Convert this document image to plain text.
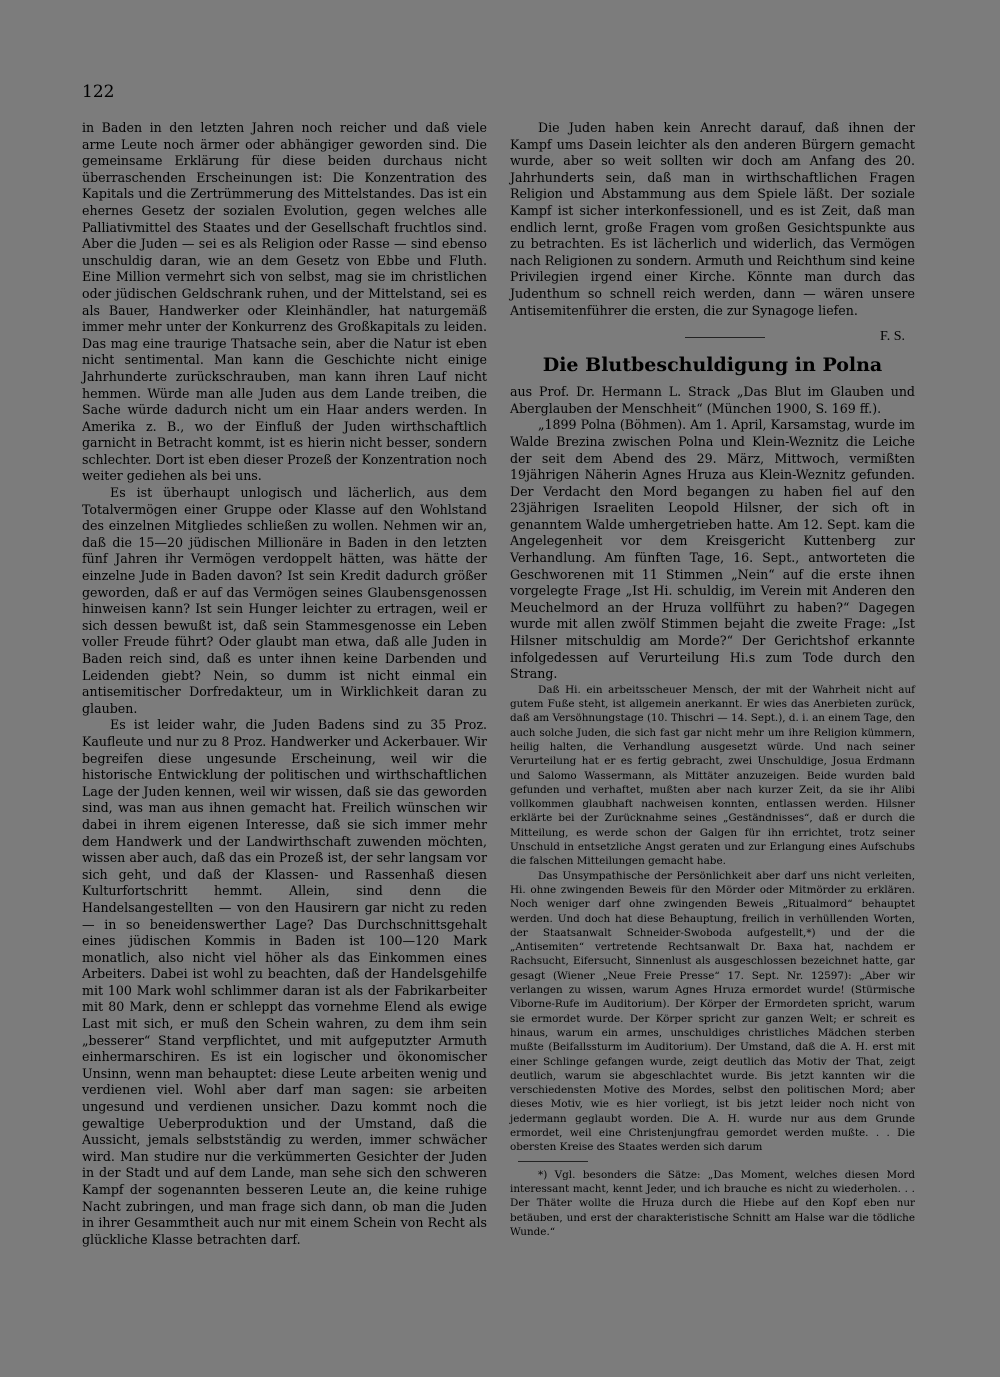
122

in Baden in den letzten Jahren noch reicher und daß viele arme Leute noch ärmer oder abhängiger geworden sind. Die gemeinsame Erklärung für diese beiden durchaus nicht überraschenden Erscheinungen ist: Die Konzentration des Kapitals und die Zertrümmerung des Mittelstandes. Das ist ein ehernes Gesetz der sozialen Evolution, gegen welches alle Palliativmittel des Staates und der Gesellschaft fruchtlos sind. Aber die Juden — sei es als Religion oder Rasse — sind ebenso unschuldig daran, wie an dem Gesetz von Ebbe und Fluth. Eine Million vermehrt sich von selbst, mag sie im christlichen oder jüdischen Geldschrank ruhen, und der Mittelstand, sei es als Bauer, Handwerker oder Kleinhändler, hat naturgemäß immer mehr unter der Konkurrenz des Großkapitals zu leiden. Das mag eine traurige Thatsache sein, aber die Natur ist eben nicht sentimental. Man kann die Geschichte nicht einige Jahrhunderte zurückschrauben, man kann ihren Lauf nicht hemmen. Würde man alle Juden aus dem Lande treiben, die Sache würde dadurch nicht um ein Haar anders werden. In Amerika z. B., wo der Einfluß der Juden wirthschaftlich garnicht in Betracht kommt, ist es hierin nicht besser, sondern schlechter. Dort ist eben dieser Prozeß der Konzentration noch weiter gediehen als bei uns.

Es ist überhaupt unlogisch und lächerlich, aus dem Totalvermögen einer Gruppe oder Klasse auf den Wohlstand des einzelnen Mitgliedes schließen zu wollen. Nehmen wir an, daß die 15—20 jüdischen Millionäre in Baden in den letzten fünf Jahren ihr Vermögen verdoppelt hätten, was hätte der einzelne Jude in Baden davon? Ist sein Kredit dadurch größer geworden, daß er auf das Vermögen seines Glaubensgenossen hinweisen kann? Ist sein Hunger leichter zu ertragen, weil er sich dessen bewußt ist, daß sein Stammesgenosse ein Leben voller Freude führt? Oder glaubt man etwa, daß alle Juden in Baden reich sind, daß es unter ihnen keine Darbenden und Leidenden giebt? Nein, so dumm ist nicht einmal ein antisemitischer Dorfredakteur, um in Wirklichkeit daran zu glauben.

Es ist leider wahr, die Juden Badens sind zu 35 Proz. Kaufleute und nur zu 8 Proz. Handwerker und Ackerbauer. Wir begreifen diese ungesunde Erscheinung, weil wir die historische Entwicklung der politischen und wirthschaftlichen Lage der Juden kennen, weil wir wissen, daß sie das geworden sind, was man aus ihnen gemacht hat. Freilich wünschen wir dabei in ihrem eigenen Interesse, daß sie sich immer mehr dem Handwerk und der Landwirthschaft zuwenden möchten, wissen aber auch, daß das ein Prozeß ist, der sehr langsam vor sich geht, und daß der Klassen- und Rassenhaß diesen Kulturfortschritt hemmt. Allein, sind denn die Handelsangestellten — von den Hausirern gar nicht zu reden — in so beneidenswerther Lage? Das Durchschnittsgehalt eines jüdischen Kommis in Baden ist 100—120 Mark monatlich, also nicht viel höher als das Einkommen eines Arbeiters. Dabei ist wohl zu beachten, daß der Handelsgehilfe mit 100 Mark wohl schlimmer daran ist als der Fabrikarbeiter mit 80 Mark, denn er schleppt das vornehme Elend als ewige Last mit sich, er muß den Schein wahren, zu dem ihm sein „besserer“ Stand verpflichtet, und mit aufgeputzter Armuth einhermarschiren. Es ist ein logischer und ökonomischer Unsinn, wenn man behauptet: diese Leute arbeiten wenig und verdienen viel. Wohl aber darf man sagen: sie arbeiten ungesund und verdienen unsicher. Dazu kommt noch die gewaltige Ueberproduktion und der Umstand, daß die Aussicht, jemals selbstständig zu werden, immer schwächer wird. Man studire nur die verkümmerten Gesichter der Juden in der Stadt und auf dem Lande, man sehe sich den schweren Kampf der sogenannten besseren Leute an, die keine ruhige Nacht zubringen, und man frage sich dann, ob man die Juden in ihrer Gesammtheit auch nur mit einem Schein von Recht als glückliche Klasse betrachten darf.

Die Juden haben kein Anrecht darauf, daß ihnen der Kampf ums Dasein leichter als den anderen Bürgern gemacht wurde, aber so weit sollten wir doch am Anfang des 20. Jahrhunderts sein, daß man in wirthschaftlichen Fragen Religion und Abstammung aus dem Spiele läßt. Der soziale Kampf ist sicher interkonfessionell, und es ist Zeit, daß man endlich lernt, große Fragen vom großen Gesichtspunkte aus zu betrachten. Es ist lächerlich und widerlich, das Vermögen nach Religionen zu sondern. Armuth und Reichthum sind keine Privilegien irgend einer Kirche. Könnte man durch das Judenthum so schnell reich werden, dann — wären unsere Antisemitenführer die ersten, die zur Synagoge liefen.

F. S.
Die Blutbeschuldigung in Polna

aus Prof. Dr. Hermann L. Strack „Das Blut im Glauben und Aberglauben der Menschheit“ (München 1900, S. 169 ff.).

„1899 Polna (Böhmen). Am 1. April, Karsamstag, wurde im Walde Brezina zwischen Polna und Klein-Weznitz die Leiche der seit dem Abend des 29. März, Mittwoch, vermißten 19jährigen Näherin Agnes Hruza aus Klein-Weznitz gefunden. Der Verdacht den Mord begangen zu haben fiel auf den 23jährigen Israeliten Leopold Hilsner, der sich oft in genanntem Walde umhergetrieben hatte. Am 12. Sept. kam die Angelegenheit vor dem Kreisgericht Kuttenberg zur Verhandlung. Am fünften Tage, 16. Sept., antworteten die Geschworenen mit 11 Stimmen „Nein“ auf die erste ihnen vorgelegte Frage „Ist Hi. schuldig, im Verein mit Anderen den Meuchelmord an der Hruza vollführt zu haben?“ Dagegen wurde mit allen zwölf Stimmen bejaht die zweite Frage: „Ist Hilsner mitschuldig am Morde?“ Der Gerichtshof erkannte infolgedessen auf Verurteilung Hi.s zum Tode durch den Strang.

Daß Hi. ein arbeitsscheuer Mensch, der mit der Wahrheit nicht auf gutem Fuße steht, ist allgemein anerkannt. Er wies das Anerbieten zurück, daß am Versöhnungstage (10. Thischri — 14. Sept.), d. i. an einem Tage, den auch solche Juden, die sich fast gar nicht mehr um ihre Religion kümmern, heilig halten, die Verhandlung ausgesetzt würde. Und nach seiner Verurteilung hat er es fertig gebracht, zwei Unschuldige, Josua Erdmann und Salomo Wassermann, als Mittäter anzuzeigen. Beide wurden bald gefunden und verhaftet, mußten aber nach kurzer Zeit, da sie ihr Alibi vollkommen glaubhaft nachweisen konnten, entlassen werden. Hilsner erklärte bei der Zurücknahme seines „Geständnisses“, daß er durch die Mitteilung, es werde schon der Galgen für ihn errichtet, trotz seiner Unschuld in entsetzliche Angst geraten und zur Erlangung eines Aufschubs die falschen Mitteilungen gemacht habe.

Das Unsympathische der Persönlichkeit aber darf uns nicht verleiten, Hi. ohne zwingenden Beweis für den Mörder oder Mitmörder zu erklären. Noch weniger darf ohne zwingenden Beweis „Ritualmord“ behauptet werden. Und doch hat diese Behauptung, freilich in verhüllenden Worten, der Staatsanwalt Schneider-Swoboda aufgestellt,*) und der die „Antisemiten“ vertretende Rechtsanwalt Dr. Baxa hat, nachdem er Rachsucht, Eifersucht, Sinnenlust als ausgeschlossen bezeichnet hatte, gar gesagt (Wiener „Neue Freie Presse“ 17. Sept. Nr. 12597): „Aber wir verlangen zu wissen, warum Agnes Hruza ermordet wurde! (Stürmische Viborne-Rufe im Auditorium). Der Körper der Ermordeten spricht, warum sie ermordet wurde. Der Körper spricht zur ganzen Welt; er schreit es hinaus, warum ein armes, unschuldiges christliches Mädchen sterben mußte (Beifallssturm im Auditorium). Der Umstand, daß die A. H. erst mit einer Schlinge gefangen wurde, zeigt deutlich das Motiv der That, zeigt deutlich, warum sie abgeschlachtet wurde. Bis jetzt kannten wir die verschiedensten Motive des Mordes, selbst den politischen Mord; aber dieses Motiv, wie es hier vorliegt, ist bis jetzt leider noch nicht von jedermann geglaubt worden. Die A. H. wurde nur aus dem Grunde ermordet, weil eine Christenjungfrau gemordet werden mußte. . . Die obersten Kreise des Staates werden sich darum

*) Vgl. besonders die Sätze: „Das Moment, welches diesen Mord interessant macht, kennt Jeder, und ich brauche es nicht zu wiederholen. . . Der Thäter wollte die Hruza durch die Hiebe auf den Kopf eben nur betäuben, und erst der charakteristische Schnitt am Halse war die tödliche Wunde.“
